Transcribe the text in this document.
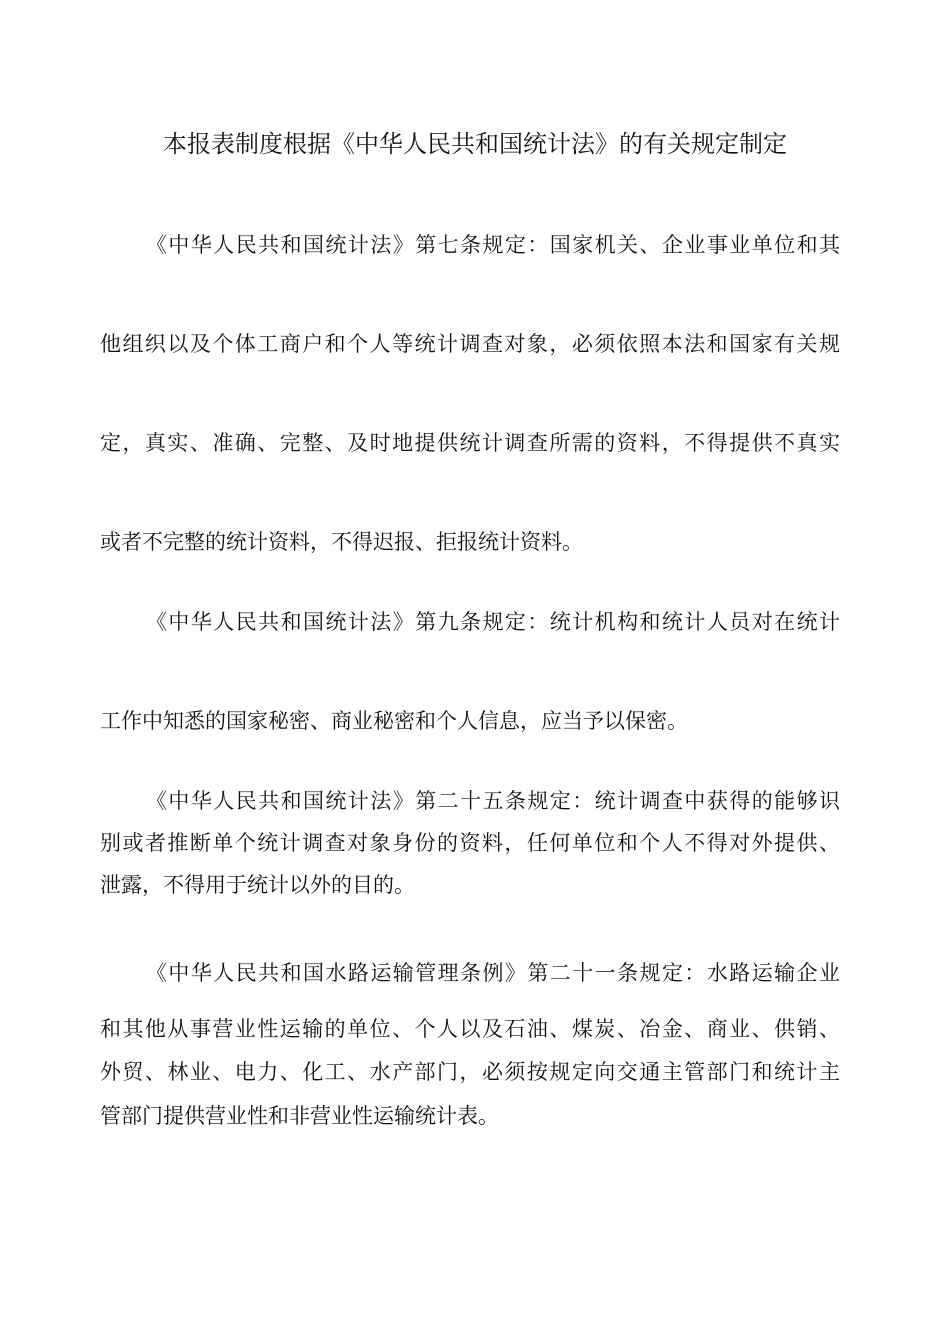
本报表制度根据《中华人民共和国统计法》的有关规定制定
《中华人民共和国统计法》第七条规定：国家机关、企业事业单位和其
他组织以及个体工商户和个人等统计调查对象，必须依照本法和国家有关规
定，真实、准确、完整、及时地提供统计调查所需的资料，不得提供不真实
或者不完整的统计资料，不得迟报、拒报统计资料。
《中华人民共和国统计法》第九条规定：统计机构和统计人员对在统计
工作中知悉的国家秘密、商业秘密和个人信息，应当予以保密。
《中华人民共和国统计法》第二十五条规定：统计调查中获得的能够识
别或者推断单个统计调查对象身份的资料，任何单位和个人不得对外提供、
泄露，不得用于统计以外的目的。
《中华人民共和国水路运输管理条例》第二十一条规定：水路运输企业
和其他从事营业性运输的单位、个人以及石油、煤炭、冶金、商业、供销、
外贸、林业、电力、化工、水产部门，必须按规定向交通主管部门和统计主
管部门提供营业性和非营业性运输统计表。
